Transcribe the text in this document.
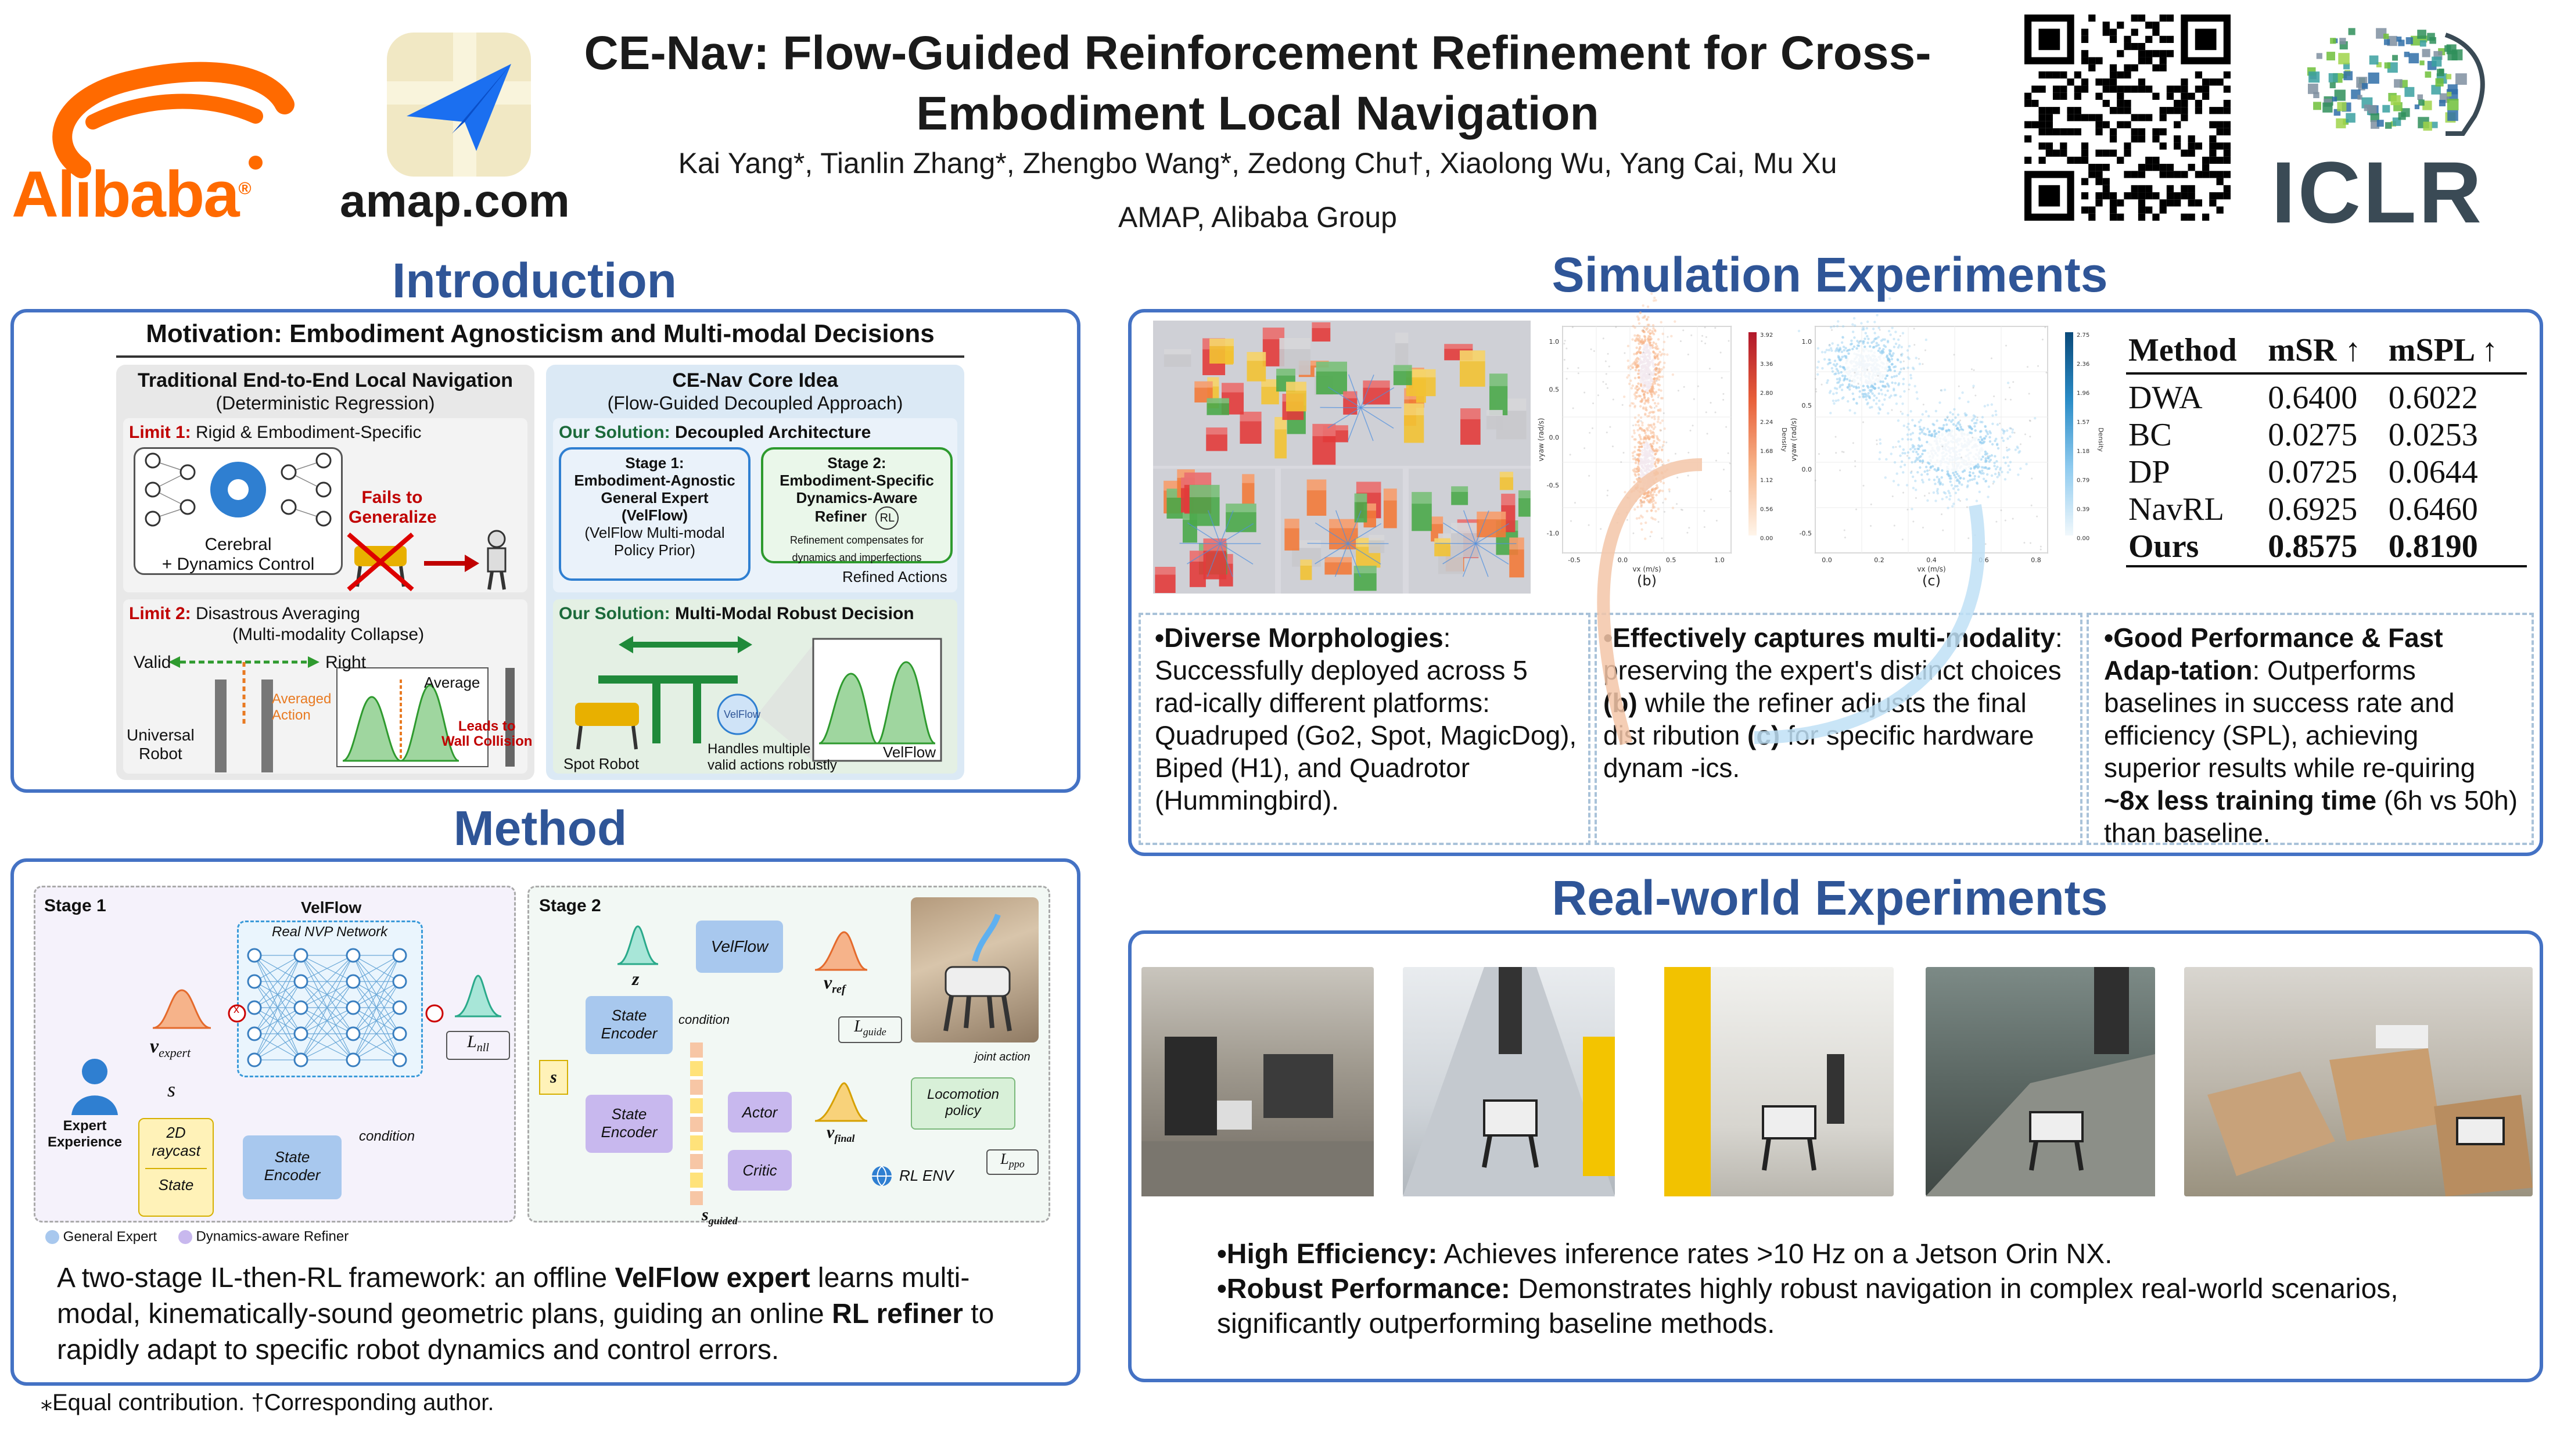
Alibaba® amap.com
CE-Nav: Flow-Guided Reinforcement Refinement for Cross-
Embodiment Local Navigation
Kai Yang*, Tianlin Zhang*, Zhengbo Wang*, Zedong Chu†, Xiaolong Wu, Yang Cai, Mu Xu
AMAP, Alibaba Group	ICLR
Introduction
Motivation: Embodiment Agnosticism and Multi-modal Decisions
Traditional End-to-End Local Navigation
(Deterministic Regression)
Limit 1: Rigid & Embodiment-Specific
Cerebral
+ Dynamics Control
Fails to
Generalize
Limit 2: Disastrous Averaging
(Multi-modality Collapse)
Valid	Right
Averaged
Action
Average
Leads to
Wall Collision
Universal
Robot
CE-Nav Core Idea
(Flow-Guided Decoupled Approach)
Our Solution: Decoupled Architecture
Stage 1:
Embodiment-Agnostic
General Expert
(VelFlow)
(VelFlow Multi-modal
Policy Prior)
Stage 2:
Embodiment-Specific
Dynamics-Aware
Refiner RL
Refinement compensates for
dynamics and imperfections
Refined Actions
Our Solution: Multi-Modal Robust Decision
VelFlow
VelFlow
Spot Robot
Handles multiple
valid actions robustly
Method
Stage 1	VelFlow
Real NVP Network
$v_{expert}$
x
$L_{nll}$
s
2D
raycast
State
State
Encoder
condition
Expert
Experience
Stage 2
z
VelFlow
$v_{ref}$
$L_{guide}$
State
Encoder
condition
s
State
Encoder
Actor
Critic
$v_{final}$
$s_{guided}$
RL ENV
$L_{ppo}$
Locomotion
policy
joint action
General Expert	Dynamics-aware Refiner
A two-stage IL-then-RL framework: an offline VelFlow expert learns multi-modal, kinematically-sound geometric plans, guiding an online RL refiner to rapidly adapt to specific robot dynamics and control errors.
Simulation Experiments
3.92
3.36
2.80
2.24
1.68
1.12
0.56
0.00
-0.5	0.0	0.5	1.0
1.0
0.5
0.0
-0.5
-1.0
vx (m/s)
vyaw (rad/s)	Density
(b)
2.75
2.36
1.96
1.57
1.18
0.79
0.39
0.00
0.0	0.2	0.4	0.6	0.8
1.0
0.5
0.0
-0.5
vx (m/s)
vyaw (rad/s)	Density
(c)
Method	mSR ↑	mSPL ↑
DWA	0.6400	0.6022
BC	0.0275	0.0253
DP	0.0725	0.0644
NavRL	0.6925	0.6460
Ours	0.8575	0.8190
•Diverse Morphologies: Successfully deployed across 5 rad-ically different platforms: Quadruped (Go2, Spot, MagicDog), Biped (H1), and Quadrotor (Hummingbird).
•Effectively captures multi-modality: preserving the expert's distinct choices (b) while the refiner adjusts the final dist ribution (c) for specific hardware dynam -ics.
•Good Performance & Fast Adap-tation: Outperforms baselines in success rate and efficiency (SPL), achieving superior results while re-quiring ~8x less training time (6h vs 50h) than baseline.
Real-world Experiments
•High Efficiency: Achieves inference rates >10 Hz on a Jetson Orin NX.
•Robust Performance: Demonstrates highly robust navigation in complex real-world scenarios, significantly outperforming baseline methods.
⁎Equal contribution. †Corresponding author.
